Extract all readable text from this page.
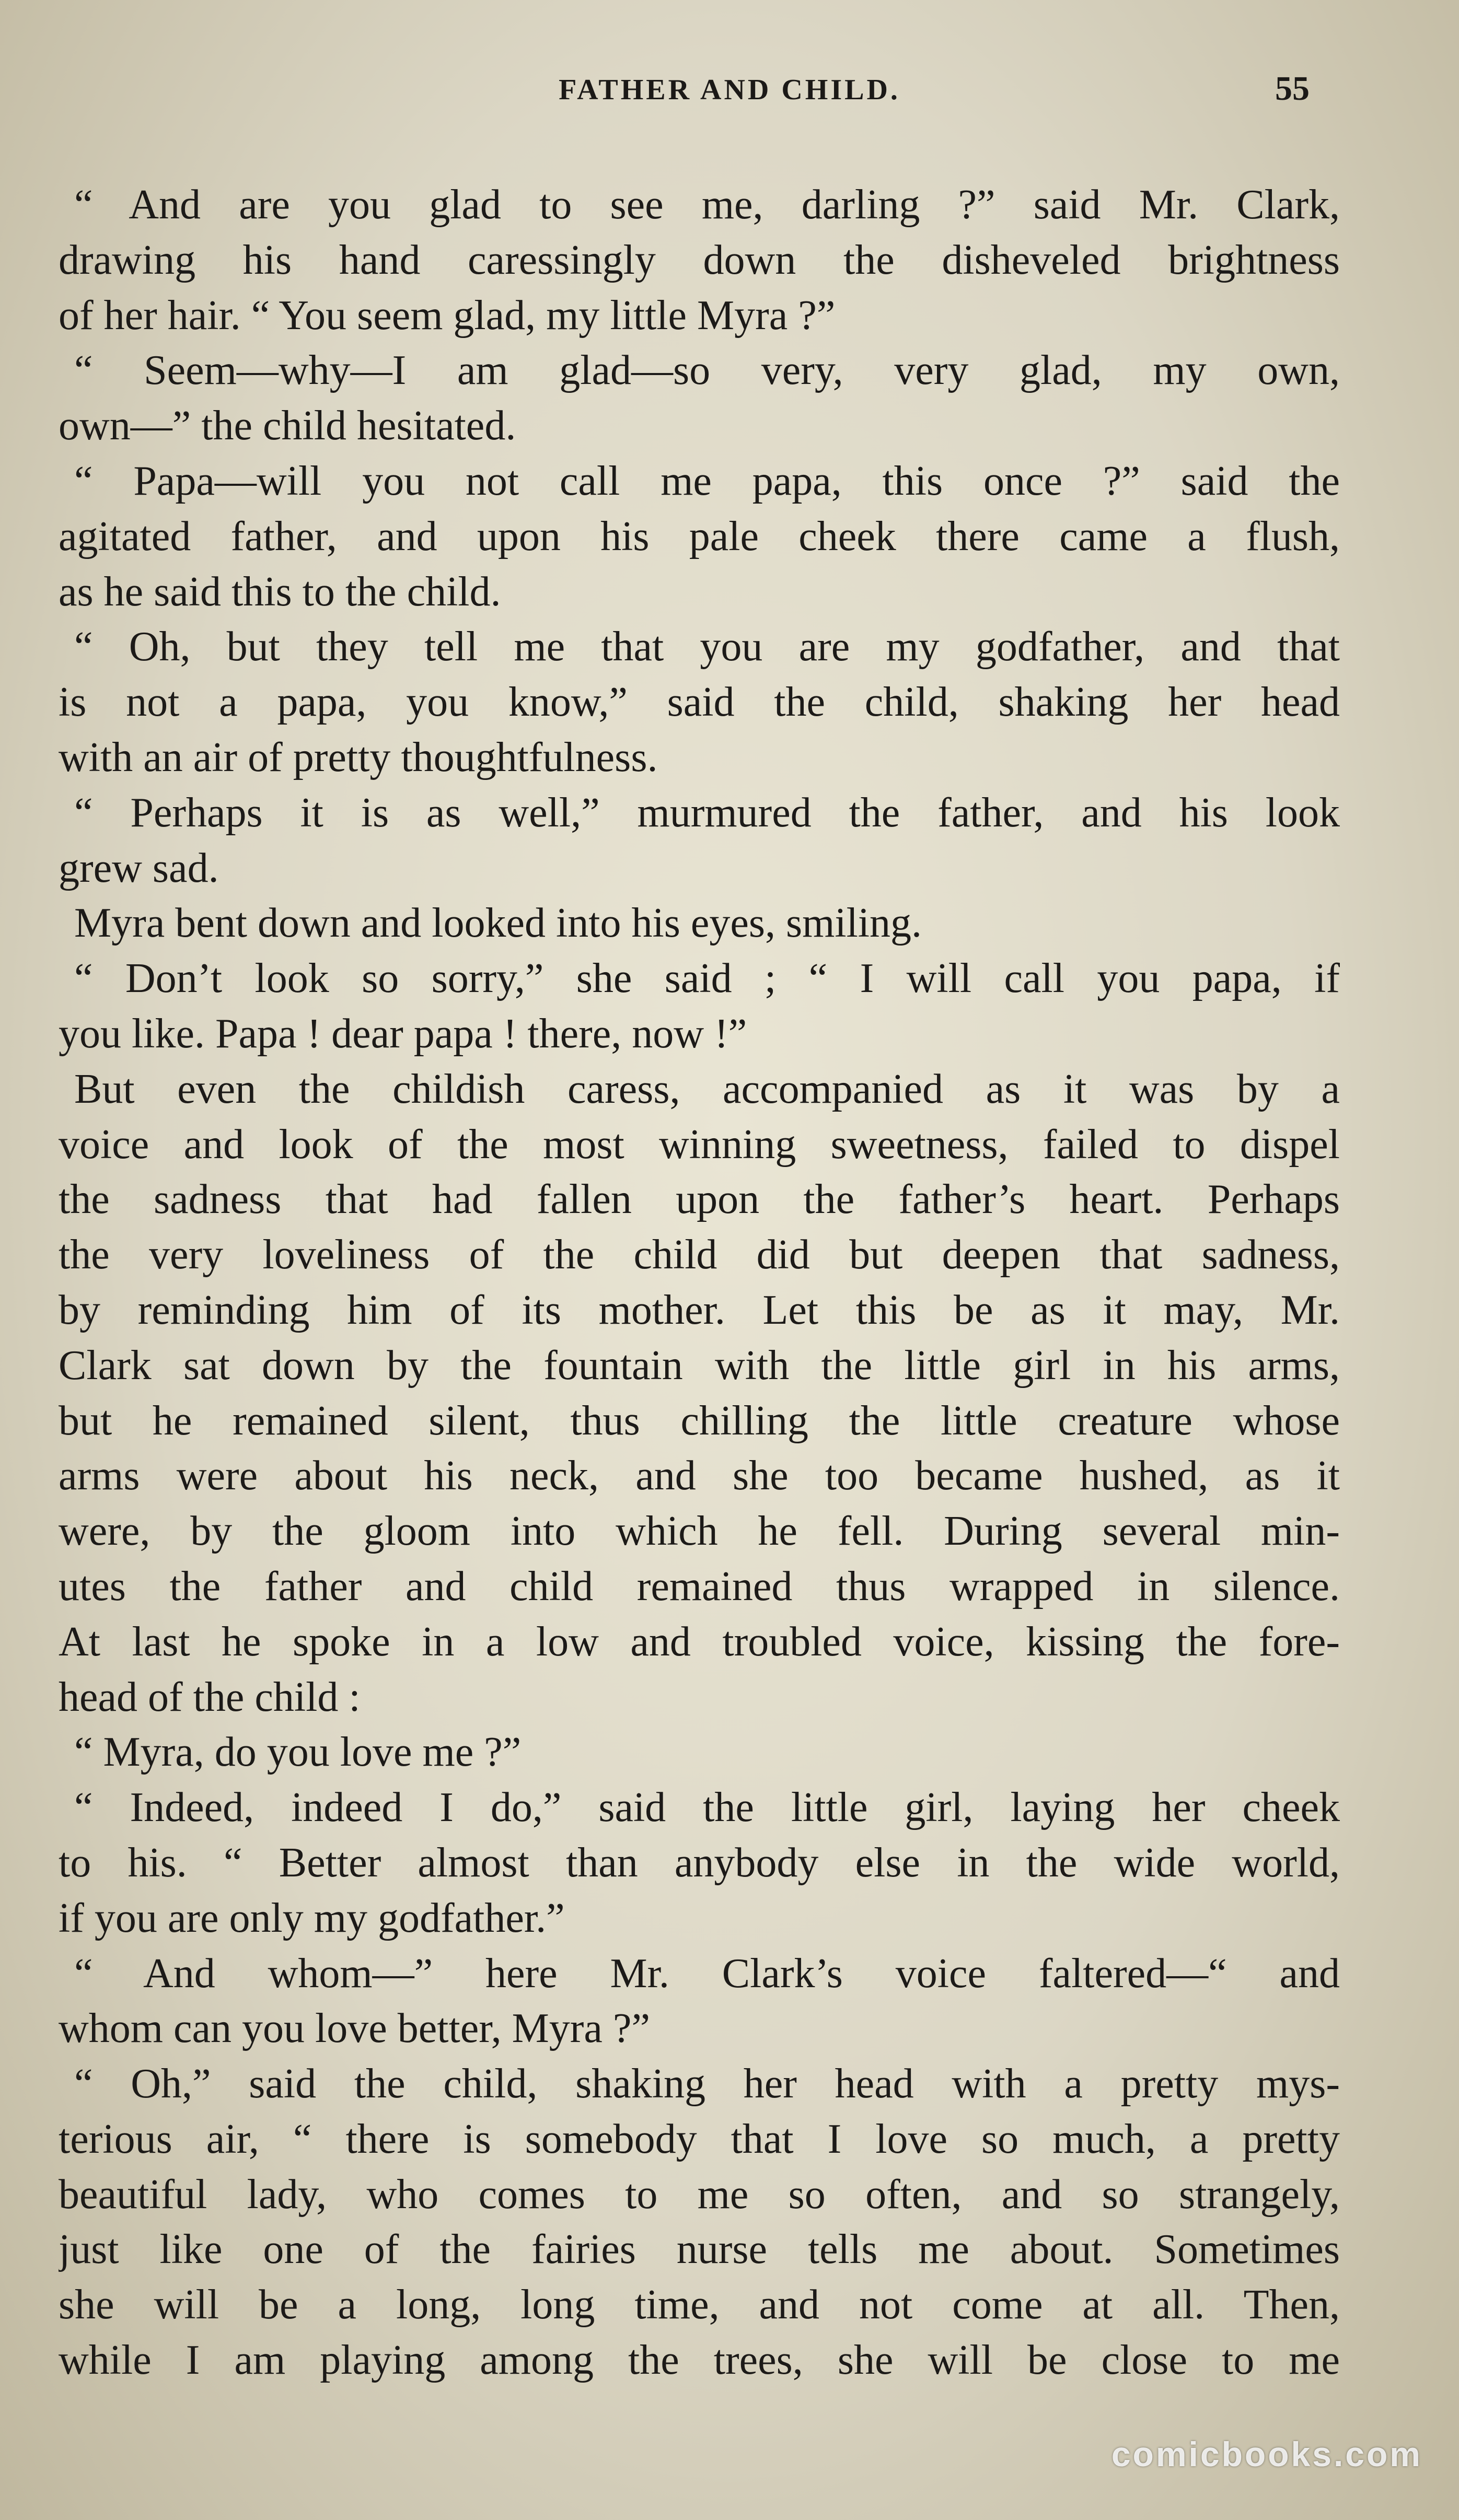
FATHER AND CHILD.	55
“ And are you glad to see me, darling ?” said Mr. Clark,
drawing his hand caressingly down the disheveled brightness
of her hair. “ You seem glad, my little Myra ?”
“ Seem—why—I am glad—so very, very glad, my own,
own—” the child hesitated.
“ Papa—will you not call me papa, this once ?” said the
agitated father, and upon his pale cheek there came a flush,
as he said this to the child.
“ Oh, but they tell me that you are my godfather, and that
is not a papa, you know,” said the child, shaking her head
with an air of pretty thoughtfulness.
“ Perhaps it is as well,” murmured the father, and his look
grew sad.
Myra bent down and looked into his eyes, smiling.
“ Don’t look so sorry,” she said ; “ I will call you papa, if
you like. Papa ! dear papa ! there, now !”
But even the childish caress, accompanied as it was by a
voice and look of the most winning sweetness, failed to dispel
the sadness that had fallen upon the father’s heart. Perhaps
the very loveliness of the child did but deepen that sadness,
by reminding him of its mother. Let this be as it may, Mr.
Clark sat down by the fountain with the little girl in his arms,
but he remained silent, thus chilling the little creature whose
arms were about his neck, and she too became hushed, as it
were, by the gloom into which he fell. During several min-
utes the father and child remained thus wrapped in silence.
At last he spoke in a low and troubled voice, kissing the fore-
head of the child :
“ Myra, do you love me ?”
“ Indeed, indeed I do,” said the little girl, laying her cheek
to his. “ Better almost than anybody else in the wide world,
if you are only my godfather.”
“ And whom—” here Mr. Clark’s voice faltered—“ and
whom can you love better, Myra ?”
“ Oh,” said the child, shaking her head with a pretty mys-
terious air, “ there is somebody that I love so much, a pretty
beautiful lady, who comes to me so often, and so strangely,
just like one of the fairies nurse tells me about. Sometimes
she will be a long, long time, and not come at all. Then,
while I am playing among the trees, she will be close to me
comicbooks.com
